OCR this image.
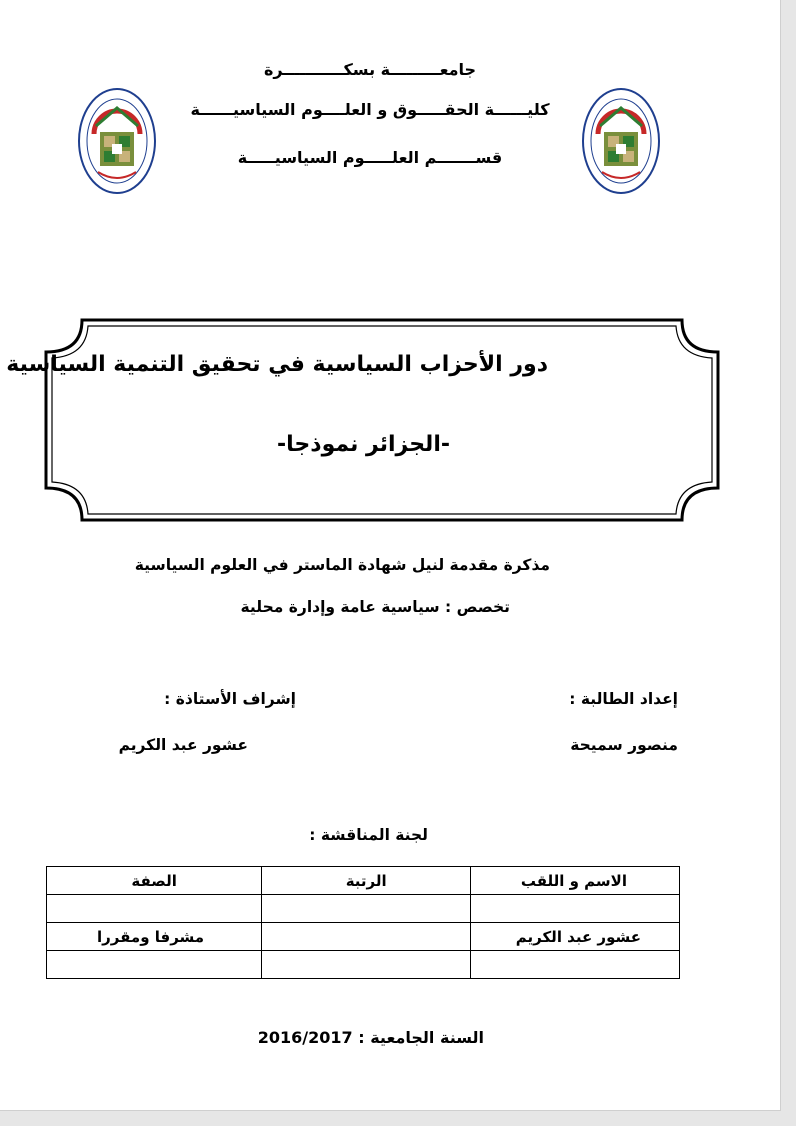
جامعـــــــــة بسكـــــــــــرة
كليــــــة الحقـــــوق و العلــــوم السياسيــــــة
قســـــــم العلـــــوم السياسيـــــة
دور الأحزاب السياسية في تحقيق التنمية السياسية
-الجزائر نموذجا-
مذكرة مقدمة لنيل شهادة الماستر في العلوم السياسية
تخصص : سياسية عامة وإدارة محلية
إعداد الطالبة :
إشراف الأستاذة :
منصور سميحة
عشور عبد الكريم
لجنة المناقشة :
الاسم و اللقب	الرتبة	الصفة

عشور عبد الكريم		مشرفا ومقررا

السنة الجامعية : 2016/2017
